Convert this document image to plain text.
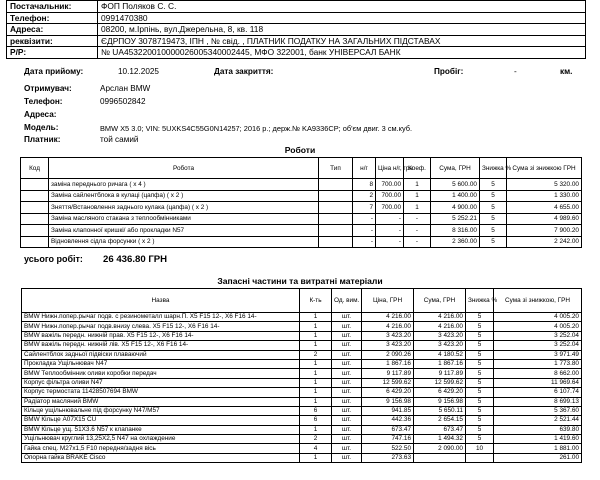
Постачальник:	ФОП Поляков С. С.
Телефон:	0991470380
Адреса:	08200, м.Ірпінь, вул.Джерельна, 8, кв. 118
реквізити:	ЄДРПОУ 3078719473, ІПН , № свід. , ПЛАТНИК ПОДАТКУ НА ЗАГАЛЬНИХ ПІДСТАВАХ
Р/Р:	№ UA453220010000026005340002445, МФО 322001, банк УНІВЕРСАЛ БАНК
Дата прийому:	10.12.2025	Дата закриття:	Пробіг:	-	км.
Отримувач:	Арслан BMW
Телефон:	0996502842
Адреса:
Модель:	BMW X5 3.0; VIN: 5UXKS4C55G0N14257; 2016 р.; держ.№ KA9336CP; об'єм двиг. 3 см.куб.
Платник:	той самий
Роботи
Код	Робота	Тип	н/г	Ціна н/г, грн	Коеф.	Сума, ГРН	Знижка %	Сума зі знижкою ГРН
	заміна переднього ричага ( x 4 )		8	700.00	1	5 600.00	5	5 320.00
	Заміна сайлентблока в кулаці (цапфа) ( x 2 )		2	700.00	1	1 400.00	5	1 330.00
	Зняття/Встановлення заднього кулака (цапфа) ( x 2 )		7	700.00	1	4 900.00	5	4 655.00
	Заміна масляного стакана з теплообмінниками		-	-	-	5 252.21	5	4 989.60
	Заміна клапонної кришкі/ або прокладки N57		-	-	-	8 316.00	5	7 900.20
	Відновлення сідла форсунки ( x 2 )		-	-	-	2 360.00	5	2 242.00
усього робіт: 26 436.80 ГРН
Запасні частини та витратні матеріали
Назва	К-ть	Од. вим.	Ціна, ГРН	Сума, ГРН	Знижка %	Сума зі знижкою, ГРН
BMW Нижн.попер.рычаг подв. с резинометалл шарн.П. X5 F15 12-, X6 F16 14-	1	шт.	4 216.00	4 216.00	5	4 005.20
BMW Нижн.попер.рычаг подв.внизу слева. X5 F15 12-, X6 F16 14-	1	шт.	4 216.00	4 216.00	5	4 005.20
BMW важіль передн. нижній прав. X5 F15 12-, X6 F16 14-	1	шт.	3 423.20	3 423.20	5	3 252.04
BMW важіль передн. нижній лів. X5 F15 12-, X6 F16 14-	1	шт.	3 423.20	3 423.20	5	3 252.04
Сайлентблок задньої підвіски плаваючий	2	шт.	2 090.26	4 180.52	5	3 971.49
Прокладка Ущільнювач N47	1	шт.	1 867.16	1 867.16	5	1 773.80
BMW Теплообмінник оливи коробки передач	1	шт.	9 117.89	9 117.89	5	8 662.00
Корпус фільтра оливи N47	1	шт.	12 599.62	12 599.62	5	11 969.64
Корпус термостата 11428507694 BMW	1	шт.	6 429.20	6 429.20	5	6 107.74
Радіатор масляний BMW	1	шт.	9 156.98	9 156.98	5	8 699.13
Кільце ущільнювальне під форсунку N47/M57	6	шт.	941.85	5 650.11	5	5 367.60
BMW Кільце A07X15 CU	6	шт.	442.36	2 654.15	5	2 521.44
BMW Кільце ущ. 51X3.6 N57 к клапанке	1	шт.	673.47	673.47	5	639.80
Ущільнювач круглий 13,25X2,5 N47 на охлаждение	2	шт.	747.16	1 494.32	5	1 419.60
Гайка спец. M27x1,5 F10 передня/задня вісь	4	шт.	522.50	2 090.00	10	1 881.00
Опорна гайка BRAKE Cisco	1	шт.	273.63			261.00
